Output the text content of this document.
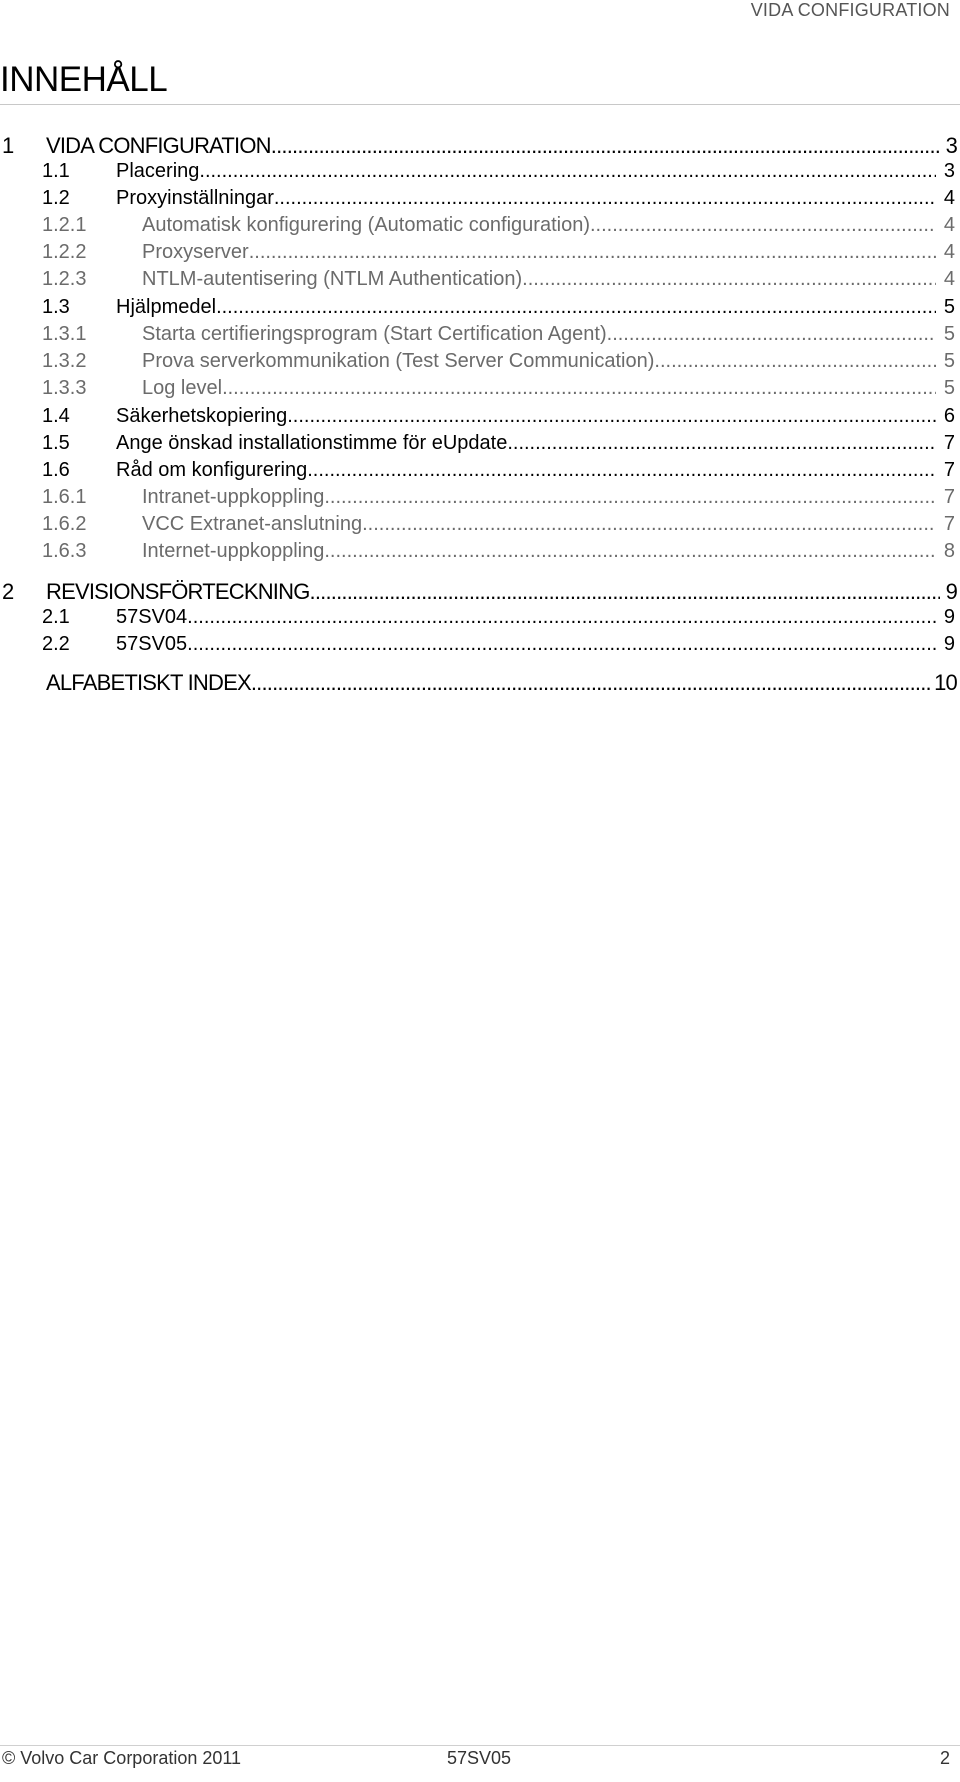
VIDA CONFIGURATION
INNEHÅLL
1 VIDA CONFIGURATION .....	3
1.1 Placering .....	3
1.2 Proxyinställningar .....	4
1.2.1	Automatisk konfigurering (Automatic configuration) .....	4
1.2.2	Proxyserver .....	4
1.2.3	NTLM-autentisering (NTLM Authentication) .....	4
1.3 Hjälpmedel .....	5
1.3.1	Starta certifieringsprogram (Start Certification Agent) .....	5
1.3.2	Prova serverkommunikation (Test Server Communication) .....	5
1.3.3	Log level .....	5
1.4 Säkerhetskopiering .....	6
1.5 Ange önskad installationstimme för eUpdate .....	7
1.6 Råd om konfigurering .....	7
1.6.1	Intranet-uppkoppling .....	7
1.6.2	VCC Extranet-anslutning .....	7
1.6.3	Internet-uppkoppling .....	8
2 REVISIONSFÖRTECKNING .....	9
2.1 57SV04 .....	9
2.2 57SV05 .....	9
ALFABETISKT INDEX .....	10
© Volvo Car Corporation 2011	57SV05	2
